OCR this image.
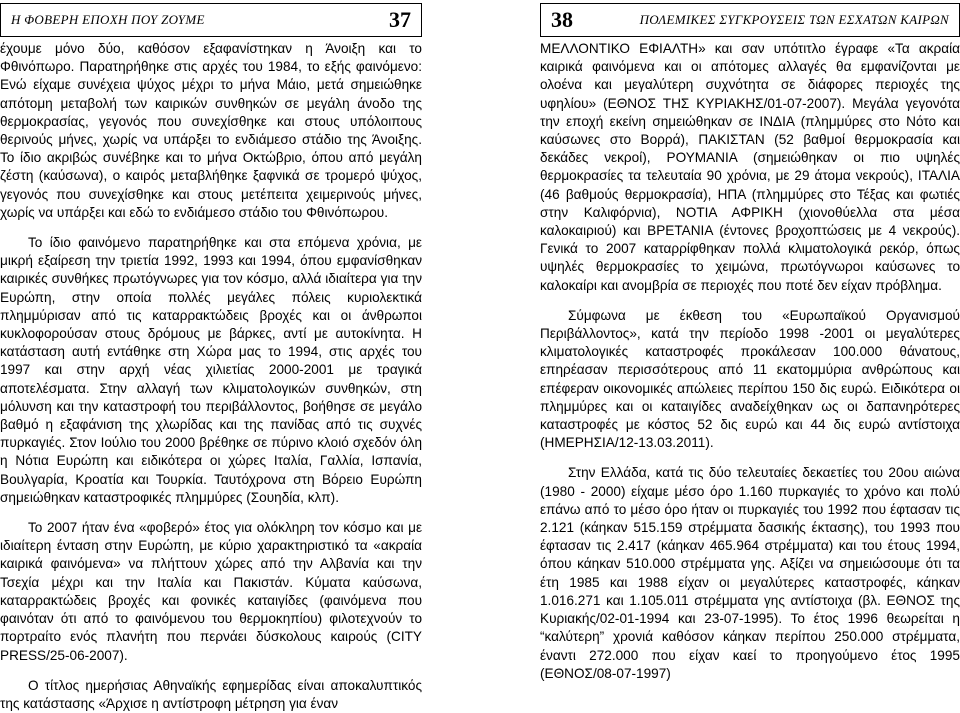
Η ΦΟΒΕΡΗ ΕΠΟΧΗ ΠΟΥ ΖΟΥΜΕ	37

έχουμε μόνο δύο, καθόσον εξαφανίστηκαν η Άνοιξη και το Φθινόπωρο. Παρατηρήθηκε στις αρχές του 1984, το εξής φαινόμενο: Ενώ είχαμε συνέχεια ψύχος μέχρι το μήνα Μάιο, μετά σημειώθηκε απότομη μεταβολή των καιρικών συνθηκών σε μεγάλη άνοδο της θερμοκρασίας, γεγονός που συνεχίσθηκε και στους υπόλοιπους θερινούς μήνες, χωρίς να υπάρξει το ενδιάμεσο στάδιο της Άνοιξης. Το ίδιο ακριβώς συνέβηκε και το μήνα Οκτώβριο, όπου από μεγάλη ζέστη (καύσωνα), ο καιρός μεταβλήθηκε ξαφνικά σε τρομερό ψύχος, γεγονός που συνεχίσθηκε και στους μετέπειτα χειμερινούς μήνες, χωρίς να υπάρξει και εδώ το ενδιάμεσο στάδιο του Φθινόπωρου.

Το ίδιο φαινόμενο παρατηρήθηκε και στα επόμενα χρόνια, με μικρή εξαίρεση την τριετία 1992, 1993 και 1994, όπου εμφανίσθηκαν καιρικές συνθήκες πρωτόγνωρες για τον κόσμο, αλλά ιδιαίτερα για την Ευρώπη, στην οποία πολλές μεγάλες πόλεις κυριολεκτικά πλημμύρισαν από τις καταρρακτώδεις βροχές και οι άνθρωποι κυκλοφορούσαν στους δρόμους με βάρκες, αντί με αυτοκίνητα. Η κατάσταση αυτή εντάθηκε στη Χώρα μας το 1994, στις αρχές του 1997 και στην αρχή νέας χιλιετίας 2000-2001 με τραγικά αποτελέσματα. Στην αλλαγή των κλιματολογικών συνθηκών, στη μόλυνση και την καταστροφή του περιβάλλοντος, βοήθησε σε μεγάλο βαθμό η εξαφάνιση της χλωρίδας και της πανίδας από τις συχνές πυρκαγιές. Στον Ιούλιο του 2000 βρέθηκε σε πύρινο κλοιό σχεδόν όλη η Νότια Ευρώπη και ειδικότερα οι χώρες Ιταλία, Γαλλία, Ισπανία, Βουλγαρία, Κροατία και Τουρκία. Ταυτόχρονα στη Βόρειο Ευρώπη σημειώθηκαν καταστροφικές πλημμύρες (Σουηδία, κλπ).

Το 2007 ήταν ένα «φοβερό» έτος για ολόκληρη τον κόσμο και με ιδιαίτερη ένταση στην Ευρώπη, με κύριο χαρακτηριστικό τα «ακραία καιρικά φαινόμενα» να πλήττουν χώρες από την Αλβανία και την Τσεχία μέχρι και την Ιταλία και Πακιστάν. Κύματα καύσωνα, καταρρακτώδεις βροχές και φονικές καταιγίδες (φαινόμενα που φαινόταν ότι από το φαινόμενου του θερμοκηπίου) φιλοτεχνούν το πορτραίτο ενός πλανήτη που περνάει δύσκολους καιρούς (CITY PRESS/25-06-2007).

Ο τίτλος ημερήσιας Αθηναϊκής εφημερίδας είναι αποκαλυπτικός της κατάστασης «Άρχισε η αντίστροφη μέτρηση για έναν

38	ΠΟΛΕΜΙΚΕΣ ΣΥΓΚΡΟΥΣΕΙΣ ΤΩΝ ΕΣΧΑΤΩΝ ΚΑΙΡΩΝ

ΜΕΛΛΟΝΤΙΚΟ ΕΦΙΑΛΤΗ» και σαν υπότιτλο έγραφε «Τα ακραία καιρικά φαινόμενα και οι απότομες αλλαγές θα εμφανίζονται με ολοένα και μεγαλύτερη συχνότητα σε διάφορες περιοχές της υφηλίου» (ΕΘΝΟΣ ΤΗΣ ΚΥΡΙΑΚΗΣ/01-07-2007). Μεγάλα γεγονότα την εποχή εκείνη σημειώθηκαν σε ΙΝΔΙΑ (πλημμύρες στο Νότο και καύσωνες στο Βορρά), ΠΑΚΙΣΤΑΝ (52 βαθμοί θερμοκρασία και δεκάδες νεκροί), ΡΟΥΜΑΝΙΑ (σημειώθηκαν οι πιο υψηλές θερμοκρασίες τα τελευταία 90 χρόνια, με 29 άτομα νεκρούς), ΙΤΑΛΙΑ (46 βαθμούς θερμοκρασία), ΗΠΑ (πλημμύρες στο Τέξας και φωτιές στην Καλιφόρνια), ΝΟΤΙΑ ΑΦΡΙΚΗ (χιονοθύελλα στα μέσα καλοκαιριού) και ΒΡΕΤΑΝΙΑ (έντονες βροχοπτώσεις με 4 νεκρούς). Γενικά το 2007 καταρρίφθηκαν πολλά κλιματολογικά ρεκόρ, όπως υψηλές θερμοκρασίες το χειμώνα, πρωτόγνωροι καύσωνες το καλοκαίρι και ανομβρία σε περιοχές που ποτέ δεν είχαν πρόβλημα.

Σύμφωνα με έκθεση του «Ευρωπαϊκού Οργανισμού Περιβάλλοντος», κατά την περίοδο 1998 -2001 οι μεγαλύτερες κλιματολογικές καταστροφές προκάλεσαν 100.000 θάνατους, επηρέασαν περισσότερους από 11 εκατομμύρια ανθρώπους και επέφεραν οικονομικές απώλειες περίπου 150 δις ευρώ. Ειδικότερα οι πλημμύρες και οι καταιγίδες αναδείχθηκαν ως οι δαπανηρότερες καταστροφές με κόστος 52 δις ευρώ και 44 δις ευρώ αντίστοιχα (ΗΜΕΡΗΣΙΑ/12-13.03.2011).

Στην Ελλάδα, κατά τις δύο τελευταίες δεκαετίες του 20ου αιώνα (1980 - 2000) είχαμε μέσο όρο 1.160 πυρκαγιές το χρόνο και πολύ επάνω από το μέσο όρο ήταν οι πυρκαγιές του 1992 που έφτασαν τις 2.121 (κάηκαν 515.159 στρέμματα δασικής έκτασης), του 1993 που έφτασαν τις 2.417 (κάηκαν 465.964 στρέμματα) και του έτους 1994, όπου κάηκαν 510.000 στρέμματα γης. Αξίζει να σημειώσουμε ότι τα έτη 1985 και 1988 είχαν οι μεγαλύτερες καταστροφές, κάηκαν 1.016.271 και 1.105.011 στρέμματα γης αντίστοιχα (βλ. ΕΘΝΟΣ της Κυριακής/02-01-1994 και 23-07-1995). Το έτος 1996 θεωρείται η “καλύτερη” χρονιά καθόσον κάηκαν περίπου 250.000 στρέμματα, έναντι 272.000 που είχαν καεί το προηγούμενο έτος 1995 (ΕΘΝΟΣ/08-07-1997)
